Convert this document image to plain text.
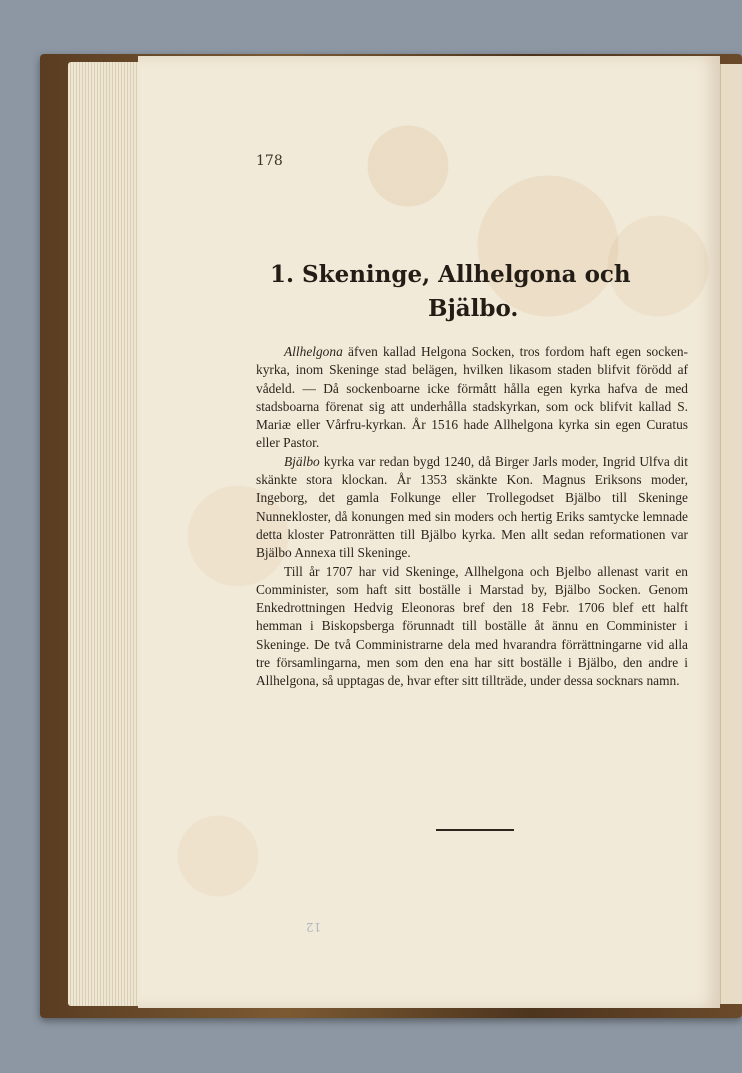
178

1. Skeninge, Allhelgona och
Bjälbo.

Allhelgona äfven kallad Helgona Socken, tros fordom haft egen socken-kyrka, inom Skeninge stad belägen, hvilken likasom staden blifvit förödd af vådeld. — Då sockenboarne icke förmått hålla egen kyrka hafva de med stadsboarna förenat sig att underhålla stadskyrkan, som ock blifvit kallad S. Mariæ eller Vårfru-kyrkan. År 1516 hade Allhelgona kyrka sin egen Curatus eller Pastor.

Bjälbo kyrka var redan bygd 1240, då Birger Jarls moder, Ingrid Ulfva dit skänkte stora klockan. År 1353 skänkte Kon. Magnus Eriksons moder, Ingeborg, det gamla Folkunge eller Trollegodset Bjälbo till Skeninge Nunnekloster, då konungen med sin moders och hertig Eriks samtycke lemnade detta kloster Patronrätten till Bjälbo kyrka. Men allt sedan reformationen var Bjälbo Annexa till Skeninge.

Till år 1707 har vid Skeninge, Allhelgona och Bjelbo allenast varit en Comminister, som haft sitt boställe i Marstad by, Bjälbo Socken. Genom Enkedrottningen Hedvig Eleonoras bref den 18 Febr. 1706 blef ett halft hemman i Biskopsberga förunnadt till boställe åt ännu en Comminister i Skeninge. De två Comministrarne dela med hvarandra förrättningarne vid alla tre församlingarna, men som den ena har sitt boställe i Bjälbo, den andre i Allhelgona, så upptagas de, hvar efter sitt tillträde, under dessa socknars namn.

12
